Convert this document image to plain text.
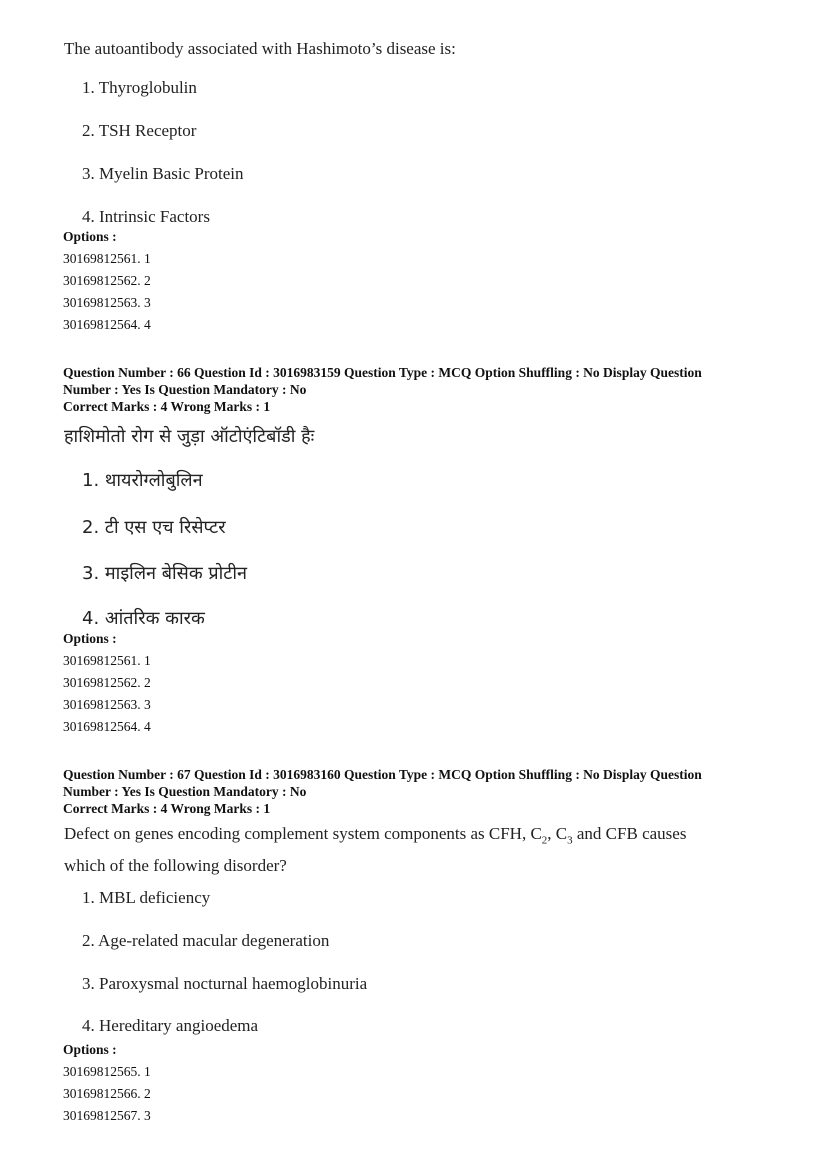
The autoantibody associated with Hashimoto’s disease is:
1. Thyroglobulin
2. TSH Receptor
3. Myelin Basic Protein
4. Intrinsic Factors
Options :
30169812561. 1
30169812562. 2
30169812563. 3
30169812564. 4
Question Number : 66 Question Id : 3016983159 Question Type : MCQ Option Shuffling : No Display Question
Number : Yes Is Question Mandatory : No
Correct Marks : 4 Wrong Marks : 1
हाशिमोतो रोग से जुड़ा ऑटोएंटिबॉडी हैः
1. थायरोग्लोबुलिन
2. टी एस एच रिसेप्टर
3. माइलिन बेसिक प्रोटीन
4. आंतरिक कारक
Options :
30169812561. 1
30169812562. 2
30169812563. 3
30169812564. 4
Question Number : 67 Question Id : 3016983160 Question Type : MCQ Option Shuffling : No Display Question
Number : Yes Is Question Mandatory : No
Correct Marks : 4 Wrong Marks : 1
Defect on genes encoding complement system components as CFH, $C_2$, $C_3$ and CFB causes
which of the following disorder?
1. MBL deficiency
2. Age-related macular degeneration
3. Paroxysmal nocturnal haemoglobinuria
4. Hereditary angioedema
Options :
30169812565. 1
30169812566. 2
30169812567. 3
